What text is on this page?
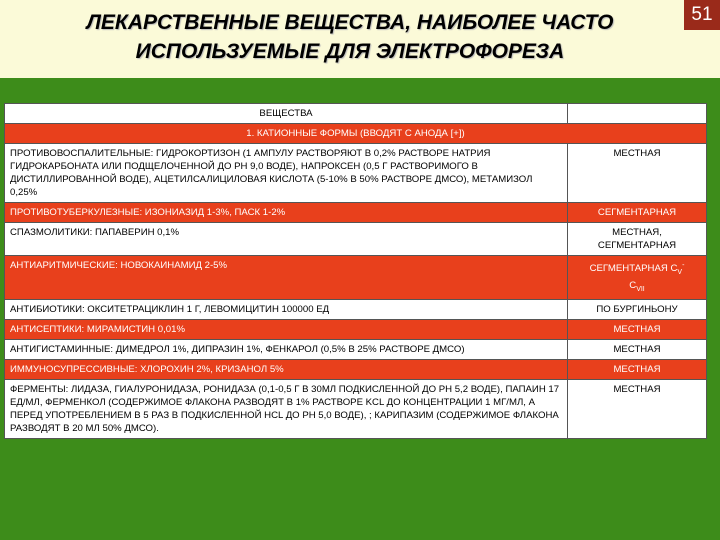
ЛЕКАРСТВЕННЫЕ ВЕЩЕСТВА, НАИБОЛЕЕ ЧАСТО
ИСПОЛЬЗУЕМЫЕ ДЛЯ ЭЛЕКТРОФОРЕЗА
51
ВЕЩЕСТВА	
1. КАТИОННЫЕ ФОРМЫ (ВВОДЯТ С АНОДА [+])	
ПРОТИВОВОСПАЛИТЕЛЬНЫЕ: ГИДРОКОРТИЗОН (1 АМПУЛУ РАСТВОРЯЮТ В 0,2% РАСТВОРЕ НАТРИЯ ГИДРОКАРБОНАТА ИЛИ ПОДЩЕЛОЧЕННОЙ ДО PH 9,0 ВОДЕ), НАПРОКСЕН (0,5 Г РАСТВОРИМОГО В ДИСТИЛЛИРОВАННОЙ ВОДЕ), АЦЕТИЛСАЛИЦИЛОВАЯ КИСЛОТА (5-10% В 50% РАСТВОРЕ ДМСО), МЕТАМИЗОЛ 0,25%	МЕСТНАЯ
ПРОТИВОТУБЕРКУЛЕЗНЫЕ: ИЗОНИАЗИД 1-3%, ПАСК 1-2%	СЕГМЕНТАРНАЯ
СПАЗМОЛИТИКИ: ПАПАВЕРИН 0,1%	МЕСТНАЯ, СЕГМЕНТАРНАЯ
АНТИАРИТМИЧЕСКИЕ: НОВОКАИНАМИД 2-5%	СЕГМЕНТАРНАЯ $C_V^-$
$C_{VII}$
АНТИБИОТИКИ: ОКСИТЕТРАЦИКЛИН 1 Г, ЛЕВОМИЦИТИН 100000 ЕД	ПО БУРГИНЬОНУ
АНТИСЕПТИКИ: МИРАМИСТИН 0,01%	МЕСТНАЯ
АНТИГИСТАМИННЫЕ: ДИМЕДРОЛ 1%, ДИПРАЗИН 1%, ФЕНКАРОЛ (0,5% В 25% РАСТВОРЕ ДМСО)	МЕСТНАЯ
ИММУНОСУПРЕССИВНЫЕ: ХЛОРОХИН 2%, КРИЗАНОЛ 5%	МЕСТНАЯ
ФЕРМЕНТЫ: ЛИДАЗА, ГИАЛУРОНИДАЗА, РОНИДАЗА (0,1-0,5 Г В 30МЛ ПОДКИСЛЕННОЙ ДО PH 5,2 ВОДЕ), ПАПАИН 17 ЕД/МЛ, ФЕРМЕНКОЛ (СОДЕРЖИМОЕ ФЛАКОНА РАЗВОДЯТ В 1% РАСТВОРЕ KCL ДО КОНЦЕНТРАЦИИ 1 МГ/МЛ, А ПЕРЕД УПОТРЕБЛЕНИЕМ В 5 РАЗ В ПОДКИСЛЕННОЙ HCL ДО PH 5,0 ВОДЕ), ; КАРИПАЗИМ (СОДЕРЖИМОЕ ФЛАКОНА РАЗВОДЯТ В 20 МЛ 50% ДМСО).	МЕСТНАЯ
